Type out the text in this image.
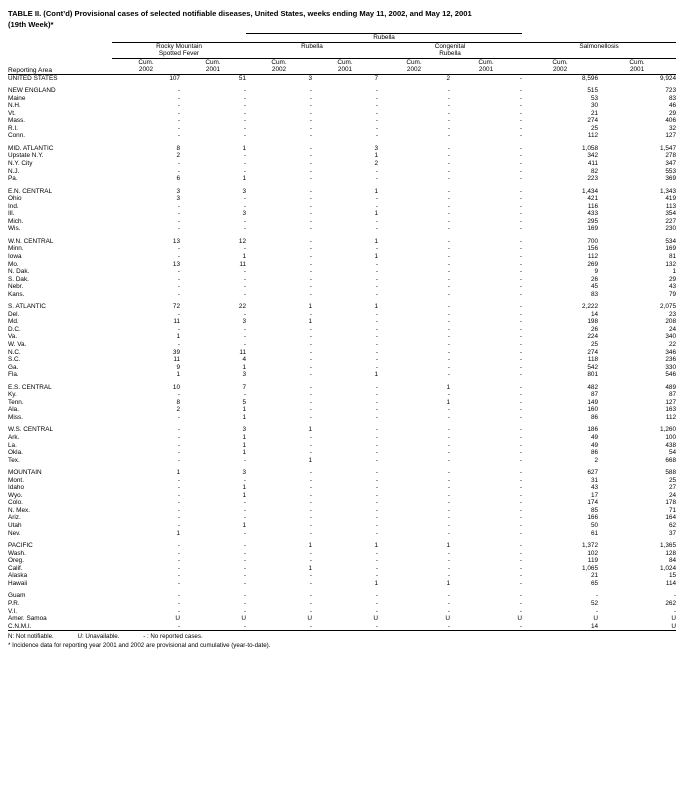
TABLE II. (Cont’d) Provisional cases of selected notifiable diseases, United States, weeks ending May 11, 2002, and May 12, 2001
(19th Week)*
			Rubella					
	Rocky Mountain		Rubella		Congenital		Salmonellosis	
	Spotted Fever				Rubella			
	Cum.	Cum.	Cum.	Cum.	Cum.	Cum.	Cum.	Cum.
Reporting Area	2002	2001	2002	2001	2002	2001	2002	2001
UNITED STATES	107	51	3	7	2	-	8,596	9,924

NEW ENGLAND	-	-	-	-	-	-	515	723
Maine	-	-	-	-	-	-	53	83
N.H.	-	-	-	-	-	-	30	46
Vt.	-	-	-	-	-	-	21	29
Mass.	-	-	-	-	-	-	274	406
R.I.	-	-	-	-	-	-	25	32
Conn.	-	-	-	-	-	-	112	127

MID. ATLANTIC	8	1	-	3	-	-	1,058	1,547
Upstate N.Y.	2	-	-	1	-	-	342	278
N.Y. City	-	-	-	2	-	-	411	347
N.J.	-	-	-	-	-	-	82	553
Pa.	6	1	-	-	-	-	223	369

E.N. CENTRAL	3	3	-	1	-	-	1,434	1,343
Ohio	3	-	-	-	-	-	421	419
Ind.	-	-	-	-	-	-	116	113
Ill.	-	3	-	1	-	-	433	354
Mich.	-	-	-	-	-	-	295	227
Wis.	-	-	-	-	-	-	169	230

W.N. CENTRAL	13	12	-	1	-	-	700	534
Minn.	-	-	-	-	-	-	156	169
Iowa	-	1	-	1	-	-	112	81
Mo.	13	11	-	-	-	-	269	132
N. Dak.	-	-	-	-	-	-	9	1
S. Dak.	-	-	-	-	-	-	26	29
Nebr.	-	-	-	-	-	-	45	43
Kans.	-	-	-	-	-	-	83	79

S. ATLANTIC	72	22	1	1	-	-	2,222	2,075
Del.	-	-	-	-	-	-	14	23
Md.	11	3	1	-	-	-	198	208
D.C.	-	-	-	-	-	-	26	24
Va.	1	-	-	-	-	-	224	340
W. Va.	-	-	-	-	-	-	25	22
N.C.	39	11	-	-	-	-	274	346
S.C.	11	4	-	-	-	-	118	236
Ga.	9	1	-	-	-	-	542	330
Fla.	1	3	-	1	-	-	801	546

E.S. CENTRAL	10	7	-	-	1	-	482	489
Ky.	-	-	-	-	-	-	87	87
Tenn.	8	5	-	-	1	-	149	127
Ala.	2	1	-	-	-	-	160	163
Miss.	-	1	-	-	-	-	86	112

W.S. CENTRAL	-	3	1	-	-	-	186	1,260
Ark.	-	1	-	-	-	-	49	100
La.	-	1	-	-	-	-	49	438
Okla.	-	1	-	-	-	-	86	54
Tex.	-	-	1	-	-	-	2	668

MOUNTAIN	1	3	-	-	-	-	627	588
Mont.	-	-	-	-	-	-	31	25
Idaho	-	1	-	-	-	-	43	27
Wyo.	-	1	-	-	-	-	17	24
Colo.	-	-	-	-	-	-	174	178
N. Mex.	-	-	-	-	-	-	85	71
Ariz.	-	-	-	-	-	-	166	164
Utah	-	1	-	-	-	-	50	62
Nev.	1	-	-	-	-	-	61	37

PACIFIC	-	-	1	1	1	-	1,372	1,365
Wash.	-	-	-	-	-	-	102	128
Oreg.	-	-	-	-	-	-	119	84
Calif.	-	-	1	-	-	-	1,065	1,024
Alaska	-	-	-	-	-	-	21	15
Hawaii	-	-	-	1	1	-	65	114

Guam	-	-	-	-	-	-	-	-
P.R.	-	-	-	-	-	-	52	262
V.I.	-	-	-	-	-	-	-	-
Amer. Samoa	U	U	U	U	U	U	U	U
C.N.M.I.	-	-	-	-	-	-	14	U
N: Not notifiable.	U: Unavailable.	- : No reported cases.
* Incidence data for reporting year 2001 and 2002 are provisional and cumulative (year-to-date).
